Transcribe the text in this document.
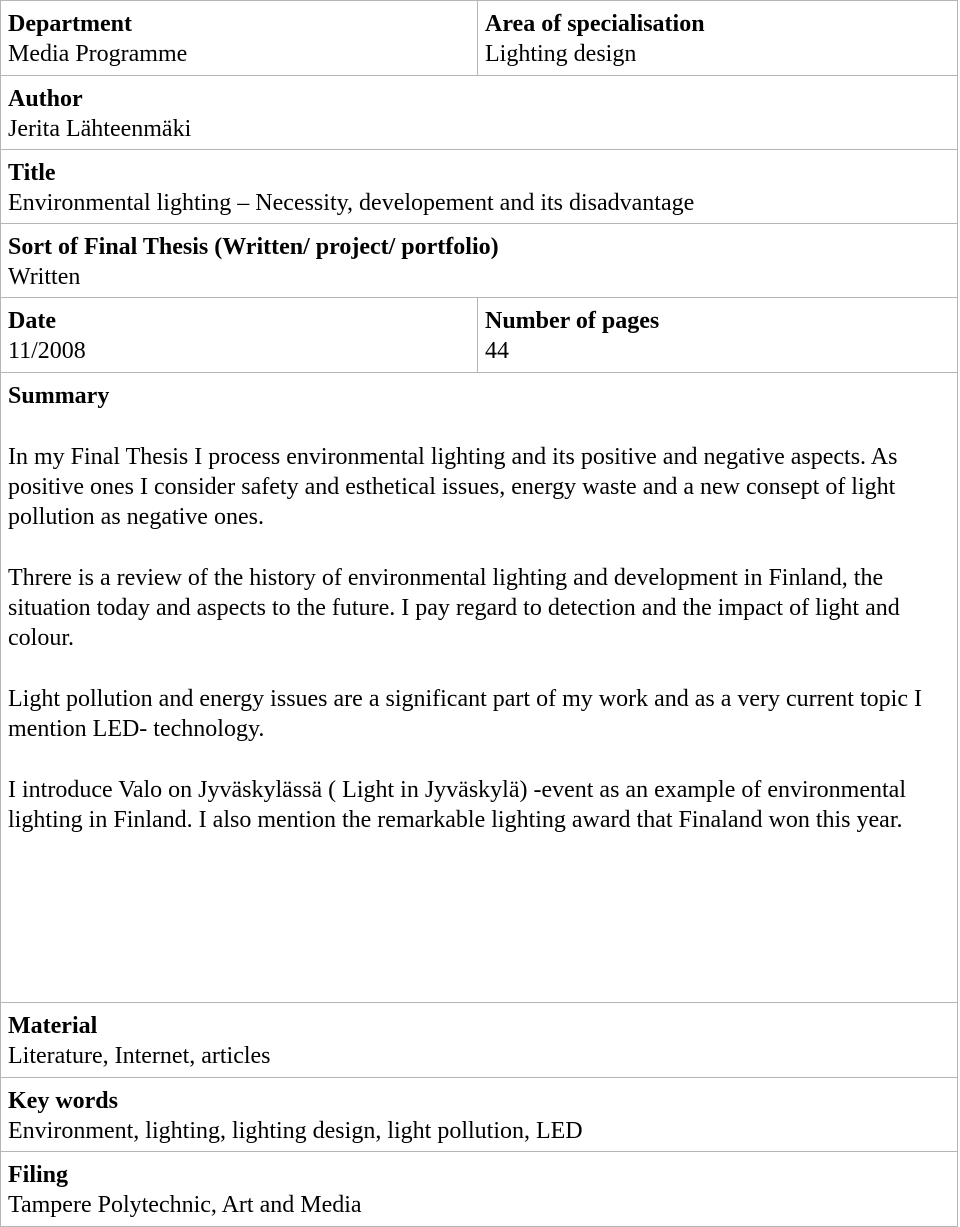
Department
Media Programme
Area of specialisation
Lighting design
Author
Jerita Lähteenmäki
Title
Environmental lighting – Necessity, developement and its disadvantage
Sort of Final Thesis (Written/ project/ portfolio)
Written
Date
11/2008
Number of pages
44
Summary

In my Final Thesis I process environmental lighting and its positive and negative aspects. As positive ones I consider safety and esthetical issues, energy waste and a new consept of light pollution as negative ones.

Threre is a review of the history of environmental lighting and development in Finland, the situation today and aspects to the future. I pay regard to detection and the impact of light and colour.

Light pollution and energy issues are a significant part of my work and as a very current topic I mention LED- technology.

I introduce Valo on Jyväskylässä ( Light in Jyväskylä) -event as an example of environmental lighting in Finland. I also mention the remarkable lighting award that Finaland won this year.

Material
Literature, Internet, articles
Key words
Environment, lighting, lighting design, light pollution, LED
Filing
Tampere Polytechnic, Art and Media
